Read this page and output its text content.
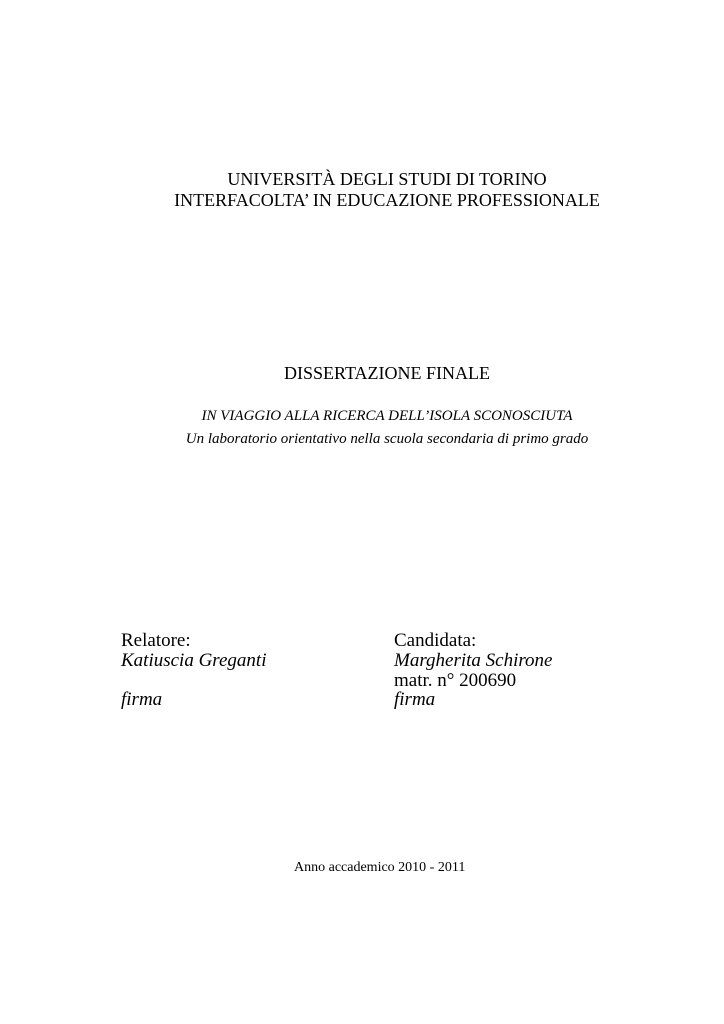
UNIVERSITÀ DEGLI STUDI DI TORINO
INTERFACOLTA’ IN EDUCAZIONE PROFESSIONALE
DISSERTAZIONE FINALE
IN VIAGGIO ALLA RICERCA DELL’ISOLA SCONOSCIUTA
Un laboratorio orientativo nella scuola secondaria di primo grado
Relatore:
Katiuscia Greganti
firma
Candidata:
Margherita Schirone
matr. n° 200690
firma
Anno accademico 2010 - 2011
